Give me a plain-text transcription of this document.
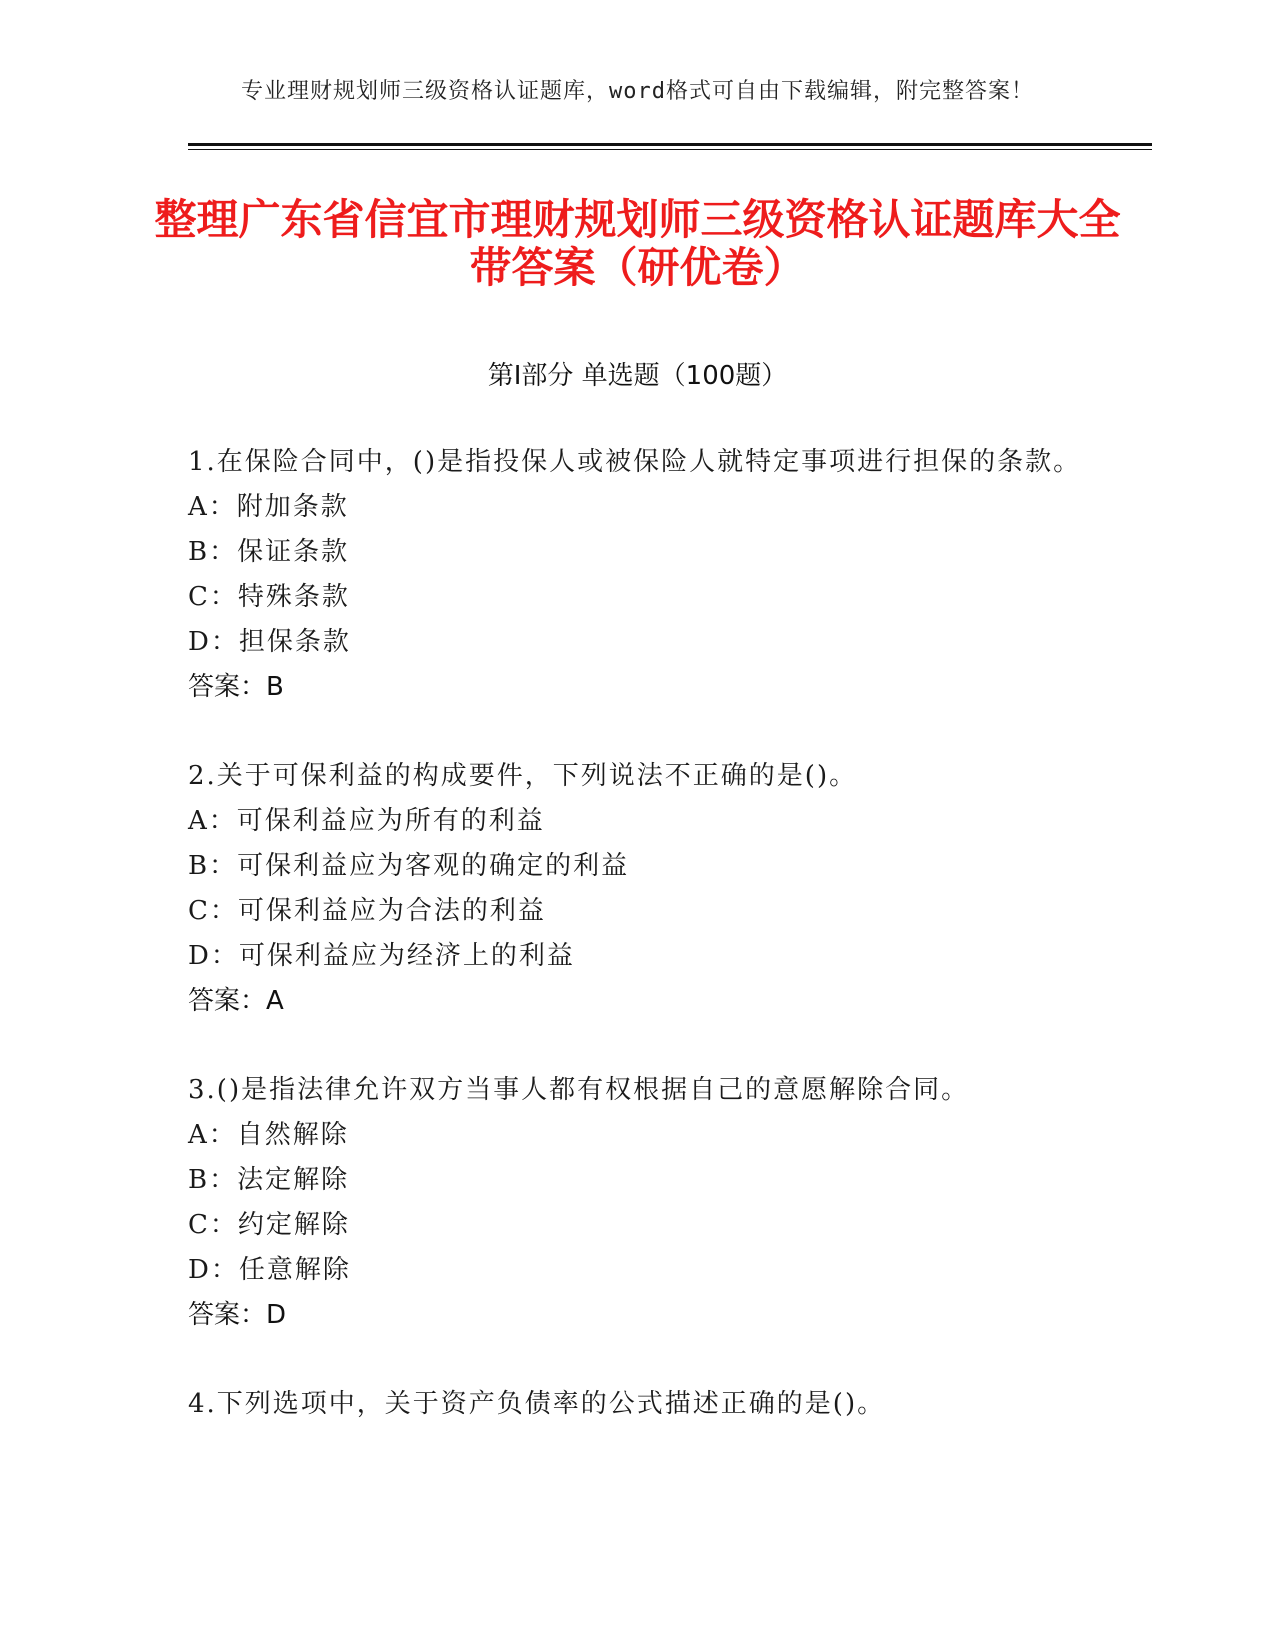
专业理财规划师三级资格认证题库，word格式可自由下载编辑，附完整答案！
整理广东省信宜市理财规划师三级资格认证题库大全带答案（研优卷）
第Ⅰ部分 单选题（100题）
1.在保险合同中，()是指投保人或被保险人就特定事项进行担保的条款。
A：附加条款
B：保证条款
C：特殊条款
D：担保条款
答案：B
2.关于可保利益的构成要件，下列说法不正确的是()。
A：可保利益应为所有的利益
B：可保利益应为客观的确定的利益
C：可保利益应为合法的利益
D：可保利益应为经济上的利益
答案：A
3.()是指法律允许双方当事人都有权根据自己的意愿解除合同。
A：自然解除
B：法定解除
C：约定解除
D：任意解除
答案：D
4.下列选项中，关于资产负债率的公式描述正确的是()。
